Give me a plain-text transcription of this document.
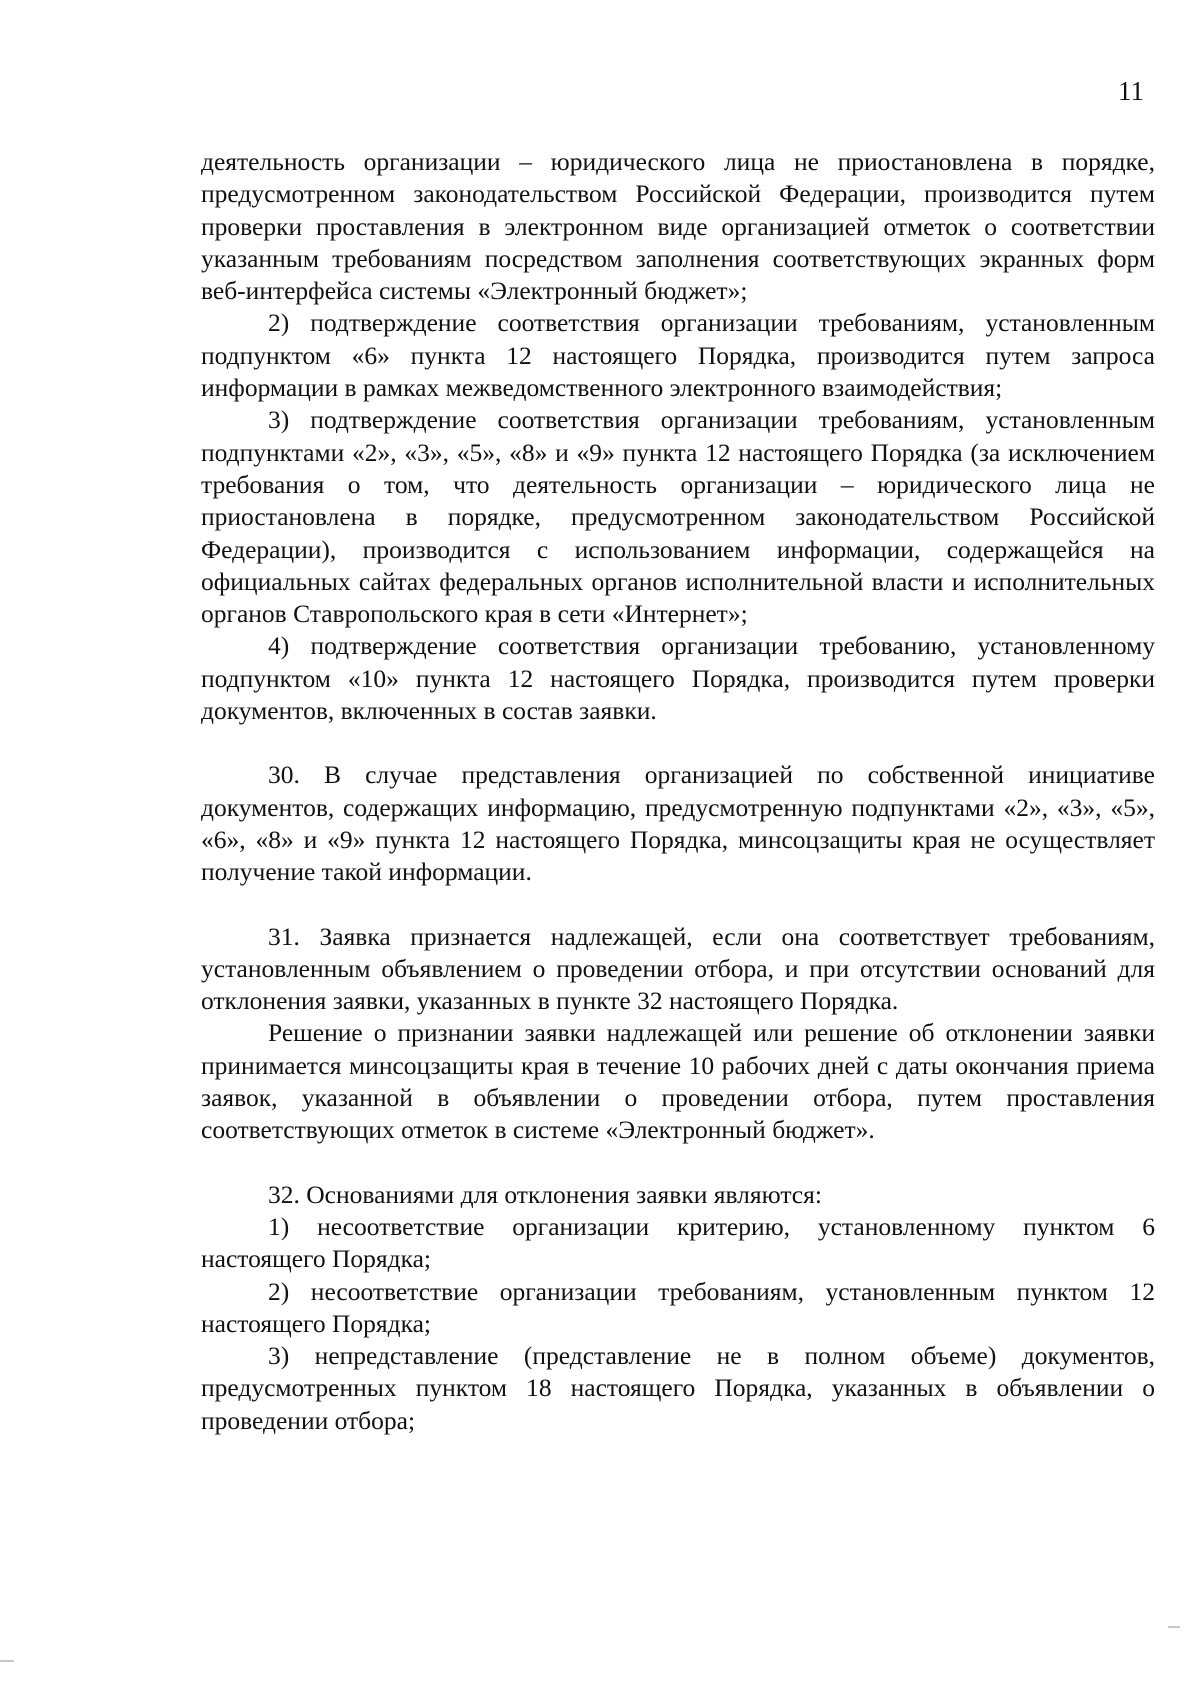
11

деятельность организации – юридического лица не приостановлена в порядке, предусмотренном законодательством Российской Федерации, производится путем проверки проставления в электронном виде организацией отметок о соответствии указанным требованиям посредством заполнения соответствующих экранных форм веб-интерфейса системы «Электронный бюджет»;

2) подтверждение соответствия организации требованиям, установленным подпунктом «6» пункта 12 настоящего Порядка, производится путем запроса информации в рамках межведомственного электронного взаимодействия;

3) подтверждение соответствия организации требованиям, установленным подпунктами «2», «3», «5», «8» и «9» пункта 12 настоящего Порядка (за исключением требования о том, что деятельность организации – юридического лица не приостановлена в порядке, предусмотренном законодательством Российской Федерации), производится с использованием информации, содержащейся на официальных сайтах федеральных органов исполнительной власти и исполнительных органов Ставропольского края в сети «Интернет»;

4) подтверждение соответствия организации требованию, установленному подпунктом «10» пункта 12 настоящего Порядка, производится путем проверки документов, включенных в состав заявки.

30. В случае представления организацией по собственной инициативе документов, содержащих информацию, предусмотренную подпунктами «2», «3», «5», «6», «8» и «9» пункта 12 настоящего Порядка, минсоцзащиты края не осуществляет получение такой информации.

31. Заявка признается надлежащей, если она соответствует требованиям, установленным объявлением о проведении отбора, и при отсутствии оснований для отклонения заявки, указанных в пункте 32 настоящего Порядка.

Решение о признании заявки надлежащей или решение об отклонении заявки принимается минсоцзащиты края в течение 10 рабочих дней с даты окончания приема заявок, указанной в объявлении о проведении отбора, путем проставления соответствующих отметок в системе «Электронный бюджет».

32. Основаниями для отклонения заявки являются:

1) несоответствие организации критерию, установленному пунктом 6 настоящего Порядка;

2) несоответствие организации требованиям, установленным пунктом 12 настоящего Порядка;

3) непредставление (представление не в полном объеме) документов, предусмотренных пунктом 18 настоящего Порядка, указанных в объявлении о проведении отбора;
